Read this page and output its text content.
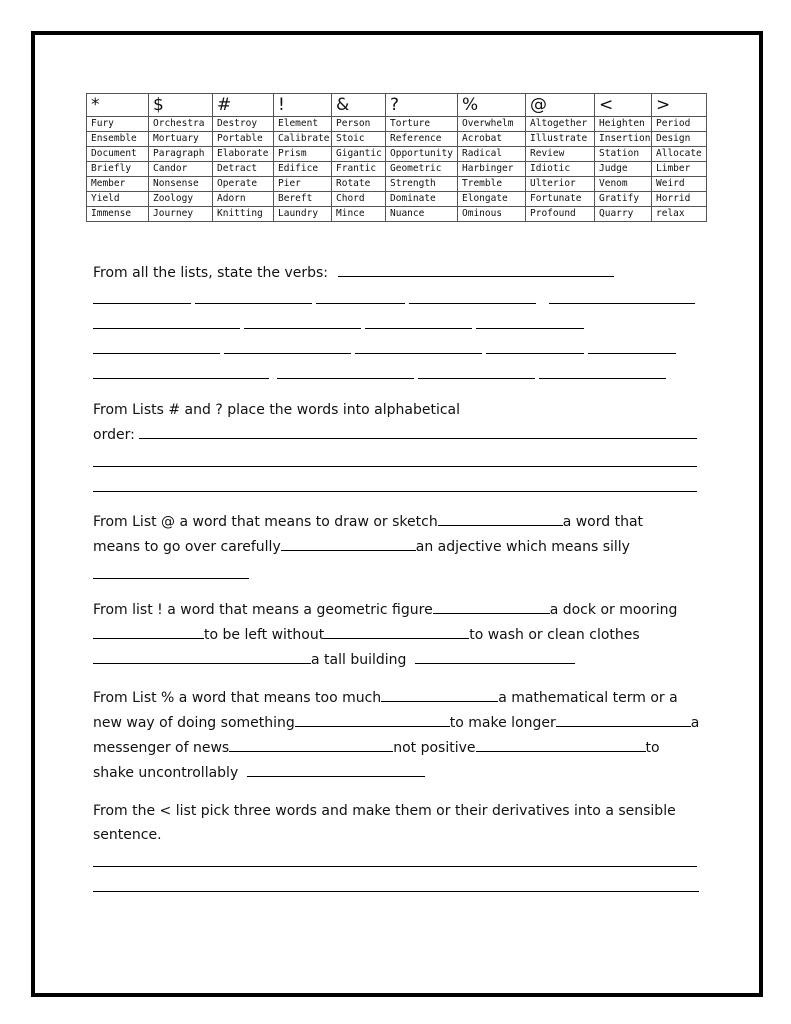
*	$	#	!	&	?	%	@	<	>
Fury	Orchestra	Destroy	Element	Person	Torture	Overwhelm	Altogether	Heighten	Period
Ensemble	Mortuary	Portable	Calibrate	Stoic	Reference	Acrobat	Illustrate	Insertion	Design
Document	Paragraph	Elaborate	Prism	Gigantic	Opportunity	Radical	Review	Station	Allocate
Briefly	Candor	Detract	Edifice	Frantic	Geometric	Harbinger	Idiotic	Judge	Limber
Member	Nonsense	Operate	Pier	Rotate	Strength	Tremble	Ulterior	Venom	Weird
Yield	Zoology	Adorn	Bereft	Chord	Dominate	Elongate	Fortunate	Gratify	Horrid
Immense	Journey	Knitting	Laundry	Mince	Nuance	Ominous	Profound	Quarry	relax
From all the lists, state the verbs:
From Lists # and ? place the words into alphabetical
order:
From List @ a word that means to draw or sketch	a word that
means to go over carefully	an adjective which means silly
From list ! a word that means a geometric figure	a dock or mooring
to be left without	to wash or clean clothes
a tall building
From List % a word that means too much	a mathematical term or a
new way of doing something	to make longer	a
messenger of news	not positive	to
shake uncontrollably
From the < list pick three words and make them or their derivatives into a sensible
sentence.
